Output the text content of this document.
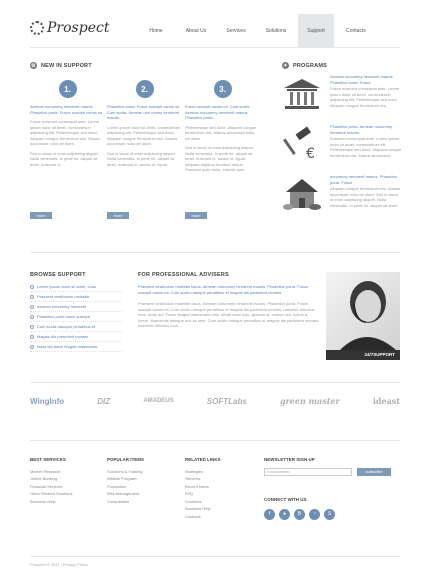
Prospect	Home	About Us	Services	Solutions	Support	Contacts
⚙ NEW IN SUPPORT
1.
Aenean nonummy hendrerit mauris. Phasellus porta. Fusce suscipit varius mi.
Fusce euismod consequat ante. Lorem ipsum dolor sit amet, consectetuer adipiscing elit. Pellentesque sed dolor. Aliquam congue fermentum nisl. Mauris accumsan nulla vel diam.
Sed in lacus ut enim adipiscing aliquet. Nulla venenatis. In pede mi, aliquet sit amet, euismod in.
more
2.
Phasellus porta. Fusce suscipit varius mi. Cum sociis. Aenean non ummy hendrerit mauris.
Lorem ipsum dolor sit amet, consectetuer adipiscing elit. Pellentesque sed dolor. Aliquam congue fermentum nisl. Mauris accumsan nulla vel diam.
Sed in lacus ut enim adipiscing aliquet. Nulla venenatis. In pede mi, aliquet sit amet, euismod in, auctor ut, ligula.
more
3.
Fusce suscipit varius mi. Cum sociis. Aenean nonummy hendrerit mauris. Phasellus porta.
Pellentesque sed dolor. Aliquam congue fermentum nisl. Mauris accumsan nulla vel diam.
Sed in lacus ut enim adipiscing aliquet. Nulla venenatis. In pede mi, aliquet sit amet, euismod in, auctor ut, ligula. Aliquam dapibus tincidunt metus. Praesent justo dolor, lobortis quis.
more
✦ PROGRAMS
Aenean nonummy hendrerit mauris. Phasellus porta. Fusce
Fusce euismod consequat ante. Lorem ipsum dolor sit amet, consectetuer adipiscing elit. Pellentesque sed dolor. Aliquam congue fermentum nisl.
€
Phasellus porta. Aenean nonummy hendrerit mauris.
Euismod consequat ante. Lorem ipsum dolor sit amet, consectetuer elit. Pellentesque sed dolor. Aliquam congue fermentum nisl. Mauris accumsan.
nonummy hendrerit mauris. Phasellus porta. Fusce
Aliquam congue fermentum nisl. Mauris accumsan nulla vel diam. Sed in lacus ut enim adipiscing aliquet. Nulla venenatis. In pede mi, aliquet sit amet.
BROWSE SUPPORT
Lorem ipsum dolor sit amet, cons
Praesent vestibulum molestie
Aenean nonummy hendrerit
Phasellus porta fusce suscipit
Cum sociis natoque penatibus et
Magnis dis parturient montes
Nulla dui fusce feugiat malesuada
FOR PROFESSIONAL ADVISERS
Praesent vestibulum molestie lacus. Aenean nonummy hendrerit mauris. Phasellus porta. Fusce suscipit varius mi. Cum sociis natoque penatibus et magnis dis parturient montes.
Praesent vestibulum molestie lacus. Aenean nonummy hendrerit mauris. Phasellus porta. Fusce suscipit varius mi. Cum sociis natoque penatibus et magnis dis parturient montes, nascetur ridiculus mus. Nulla dui. Fusce feugiat malesuada odio. Morbi nunc odio, gravida at, cursus nec, luctus a, lorem. Maecenas tristique orci ac sem. Cum sociis natoque penatibus et magnis dis parturient montes, nascetur ridiculus mus.
24/7SUPPORT
WingInfo	DIZ	AMADEUS	SOFTLabs	green master	ideast
BEST SERVICES
Market Research
Online Banking
Financial Services
Other Related Solutions
Business Help
POPULAR ITEMS
Solutions & Training
Affiliate Program
Production
Risk Management
Consultation
RELATED LINKS
Strategies
Services
Recent News
FAQ
Solutions
Business Help
Contacts
NEWSLETTER SIGN UP
e-mail address	subscribe
CONNECT WITH US
f	●	B	◔	S
Prospect © 2011 | Privacy Policy
